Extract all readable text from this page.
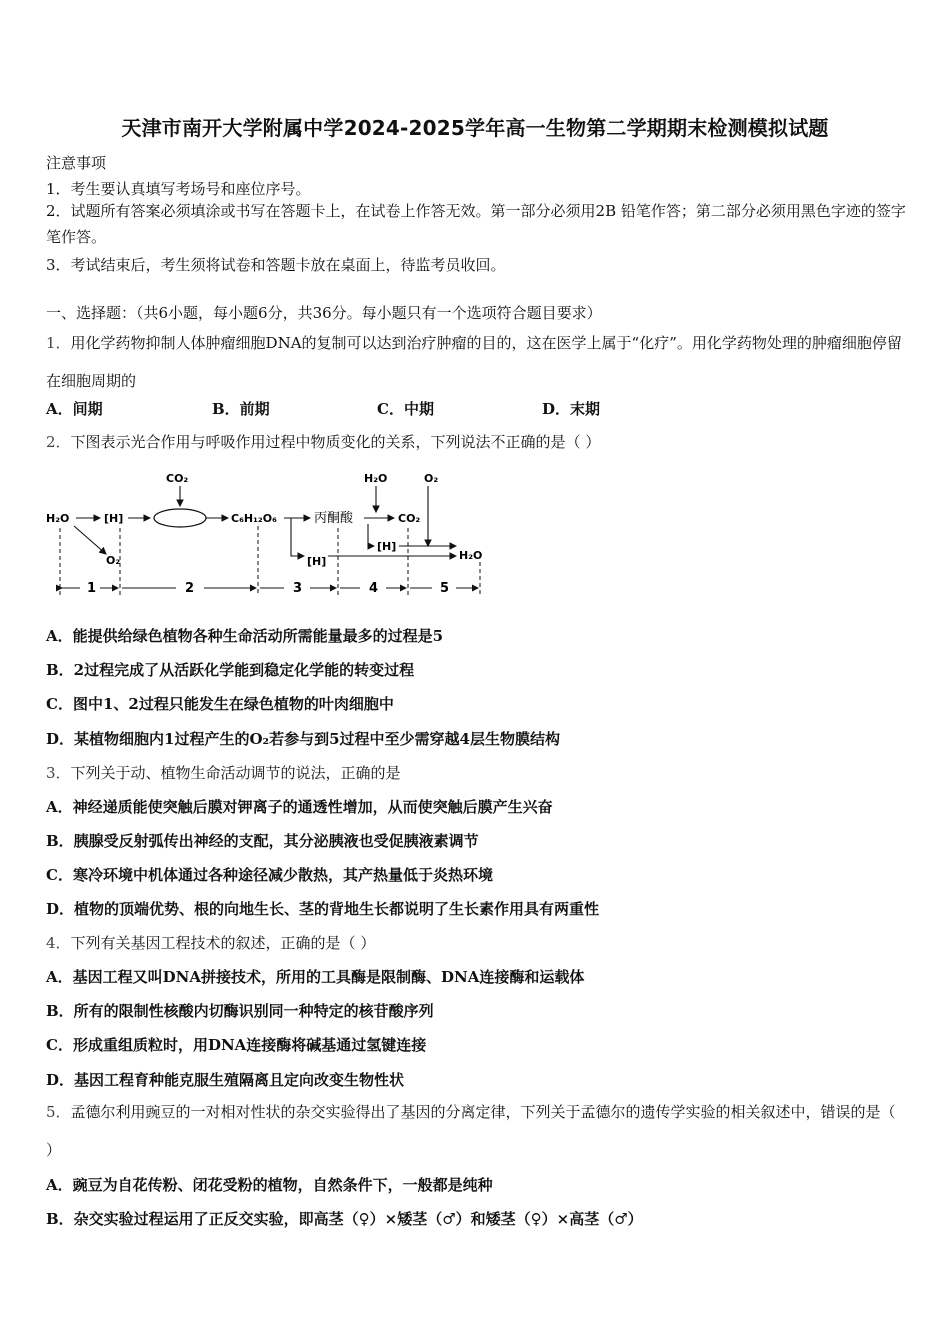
天津市南开大学附属中学2024-2025学年高一生物第二学期期末检测模拟试题
注意事项
1．考生要认真填写考场号和座位序号。
2．试题所有答案必须填涂或书写在答题卡上，在试卷上作答无效。第一部分必须用2B 铅笔作答；第二部分必须用黑色字迹的签字笔作答。
3．考试结束后，考生须将试卷和答题卡放在桌面上，待监考员收回。
一、选择题：（共6小题，每小题6分，共36分。每小题只有一个选项符合题目要求）
1．用化学药物抑制人体肿瘤细胞DNA的复制可以达到治疗肿瘤的目的，这在医学上属于“化疗”。用化学药物处理的肿瘤细胞停留在细胞周期的
A．间期	B．前期	C．中期	D．末期
2．下图表示光合作用与呼吸作用过程中物质变化的关系，下列说法不正确的是（ ）
H₂O	[H]
CO₂
C₆H₁₂O₆	丙酮酸
O₂	[H]
H₂O	O₂
CO₂
[H]
H₂O
1	2	3	4	5
A．能提供给绿色植物各种生命活动所需能量最多的过程是5
B．2过程完成了从活跃化学能到稳定化学能的转变过程
C．图中1、2过程只能发生在绿色植物的叶肉细胞中
D．某植物细胞内1过程产生的O₂若参与到5过程中至少需穿越4层生物膜结构
3．下列关于动、植物生命活动调节的说法，正确的是
A．神经递质能使突触后膜对钾离子的通透性增加，从而使突触后膜产生兴奋
B．胰腺受反射弧传出神经的支配，其分泌胰液也受促胰液素调节
C．寒冷环境中机体通过各种途径减少散热，其产热量低于炎热环境
D．植物的顶端优势、根的向地生长、茎的背地生长都说明了生长素作用具有两重性
4．下列有关基因工程技术的叙述，正确的是（ ）
A．基因工程又叫DNA拼接技术，所用的工具酶是限制酶、DNA连接酶和运载体
B．所有的限制性核酸内切酶识别同一种特定的核苷酸序列
C．形成重组质粒时，用DNA连接酶将碱基通过氢键连接
D．基因工程育种能克服生殖隔离且定向改变生物性状
5．孟德尔利用豌豆的一对相对性状的杂交实验得出了基因的分离定律，下列关于孟德尔的遗传学实验的相关叙述中，错误的是（ ）
A．豌豆为自花传粉、闭花受粉的植物，自然条件下，一般都是纯种
B．杂交实验过程运用了正反交实验，即高茎（♀）×矮茎（♂）和矮茎（♀）×高茎（♂）
